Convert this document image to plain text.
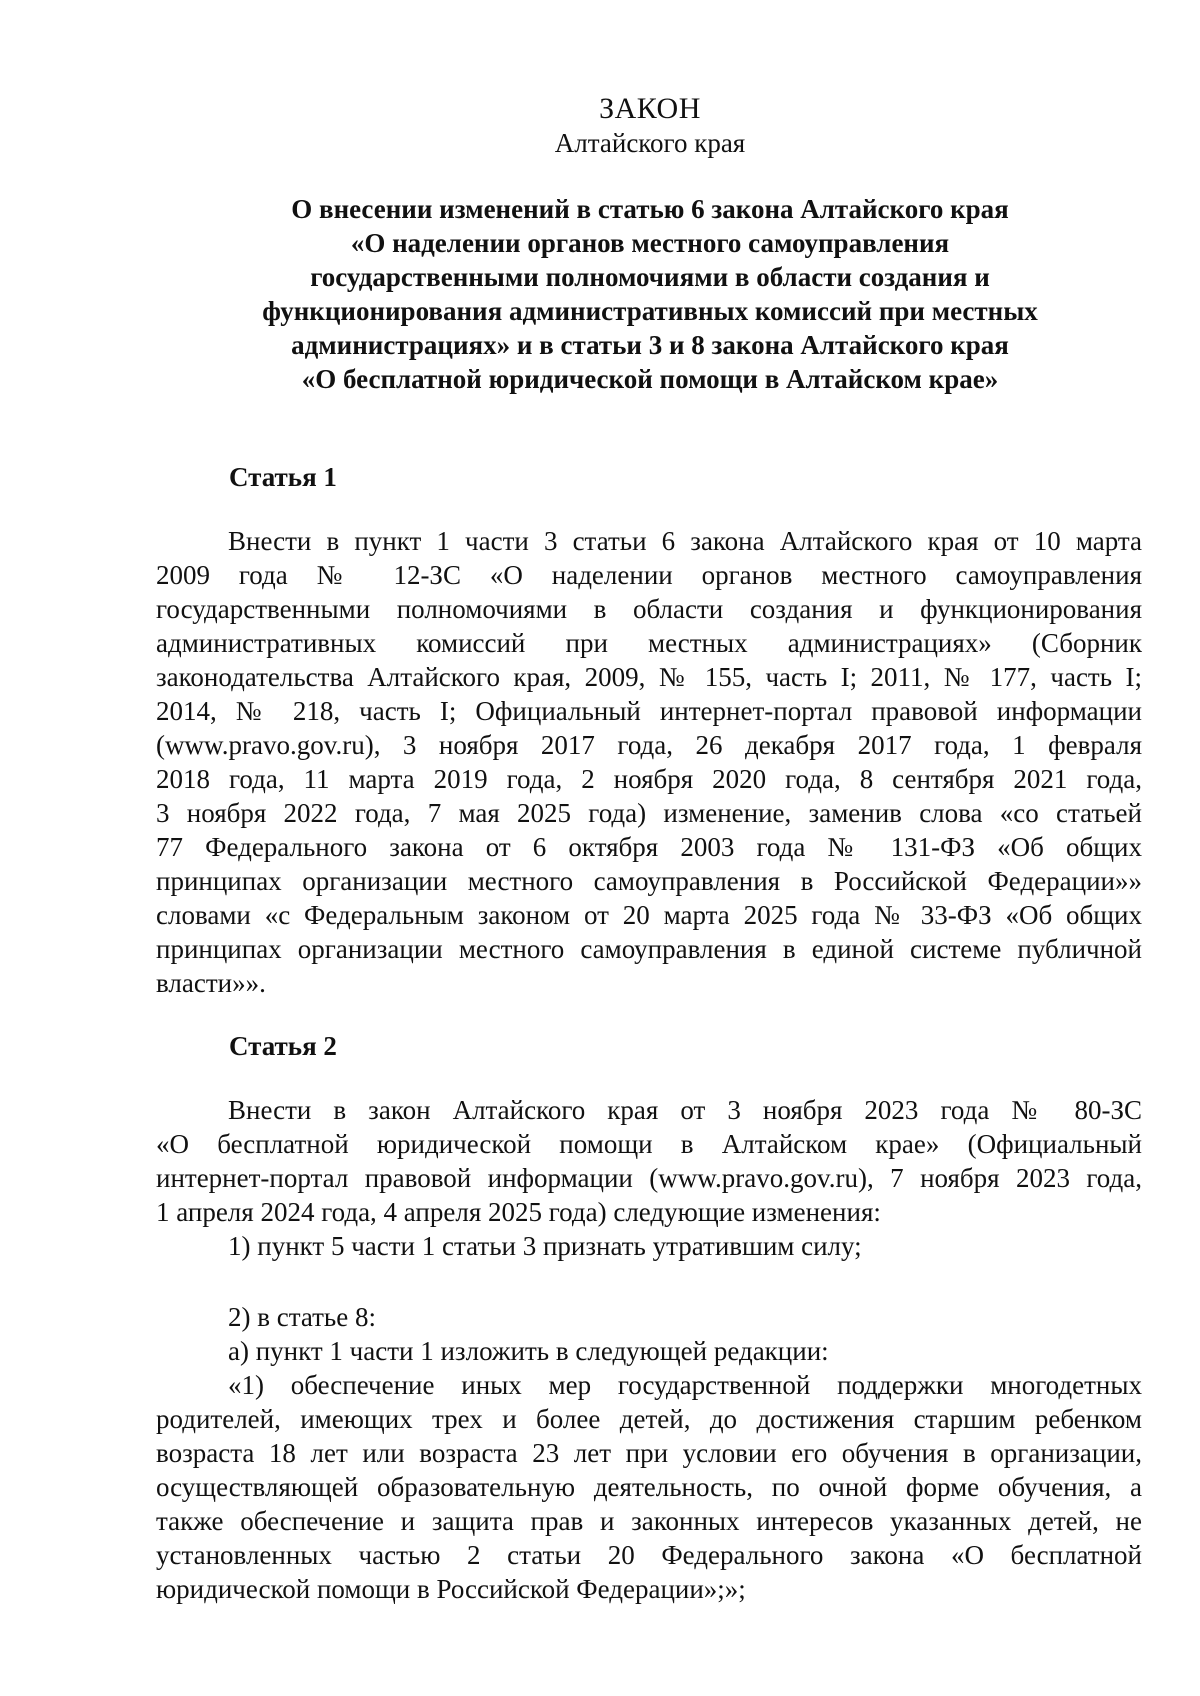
ЗАКОН
Алтайского края
О внесении изменений в статью 6 закона Алтайского края
«О наделении органов местного самоуправления
государственными полномочиями в области создания и
функционирования административных комиссий при местных
администрациях» и в статьи 3 и 8 закона Алтайского края
«О бесплатной юридической помощи в Алтайском крае»
Статья 1
Внести в пункт 1 части 3 статьи 6 закона Алтайского края от 10 марта
2009 года № 12-ЗС «О наделении органов местного самоуправления
государственными полномочиями в области создания и функционирования
административных комиссий при местных администрациях» (Сборник
законодательства Алтайского края, 2009, № 155, часть I; 2011, № 177, часть I;
2014, № 218, часть I; Официальный интернет-портал правовой информации
(www.pravo.gov.ru), 3 ноября 2017 года, 26 декабря 2017 года, 1 февраля
2018 года, 11 марта 2019 года, 2 ноября 2020 года, 8 сентября 2021 года,
3 ноября 2022 года, 7 мая 2025 года) изменение, заменив слова «со статьей
77 Федерального закона от 6 октября 2003 года № 131-ФЗ «Об общих
принципах организации местного самоуправления в Российской Федерации»»
словами «с Федеральным законом от 20 марта 2025 года № 33-ФЗ «Об общих
принципах организации местного самоуправления в единой системе публичной
власти»».
Статья 2
Внести в закон Алтайского края от 3 ноября 2023 года № 80-ЗС
«О бесплатной юридической помощи в Алтайском крае» (Официальный
интернет-портал правовой информации (www.pravo.gov.ru), 7 ноября 2023 года,
1 апреля 2024 года, 4 апреля 2025 года) следующие изменения:
1) пункт 5 части 1 статьи 3 признать утратившим силу;
2) в статье 8:
а) пункт 1 части 1 изложить в следующей редакции:
«1) обеспечение иных мер государственной поддержки многодетных
родителей, имеющих трех и более детей, до достижения старшим ребенком
возраста 18 лет или возраста 23 лет при условии его обучения в организации,
осуществляющей образовательную деятельность, по очной форме обучения, а
также обеспечение и защита прав и законных интересов указанных детей, не
установленных частью 2 статьи 20 Федерального закона «О бесплатной
юридической помощи в Российской Федерации»;»;
